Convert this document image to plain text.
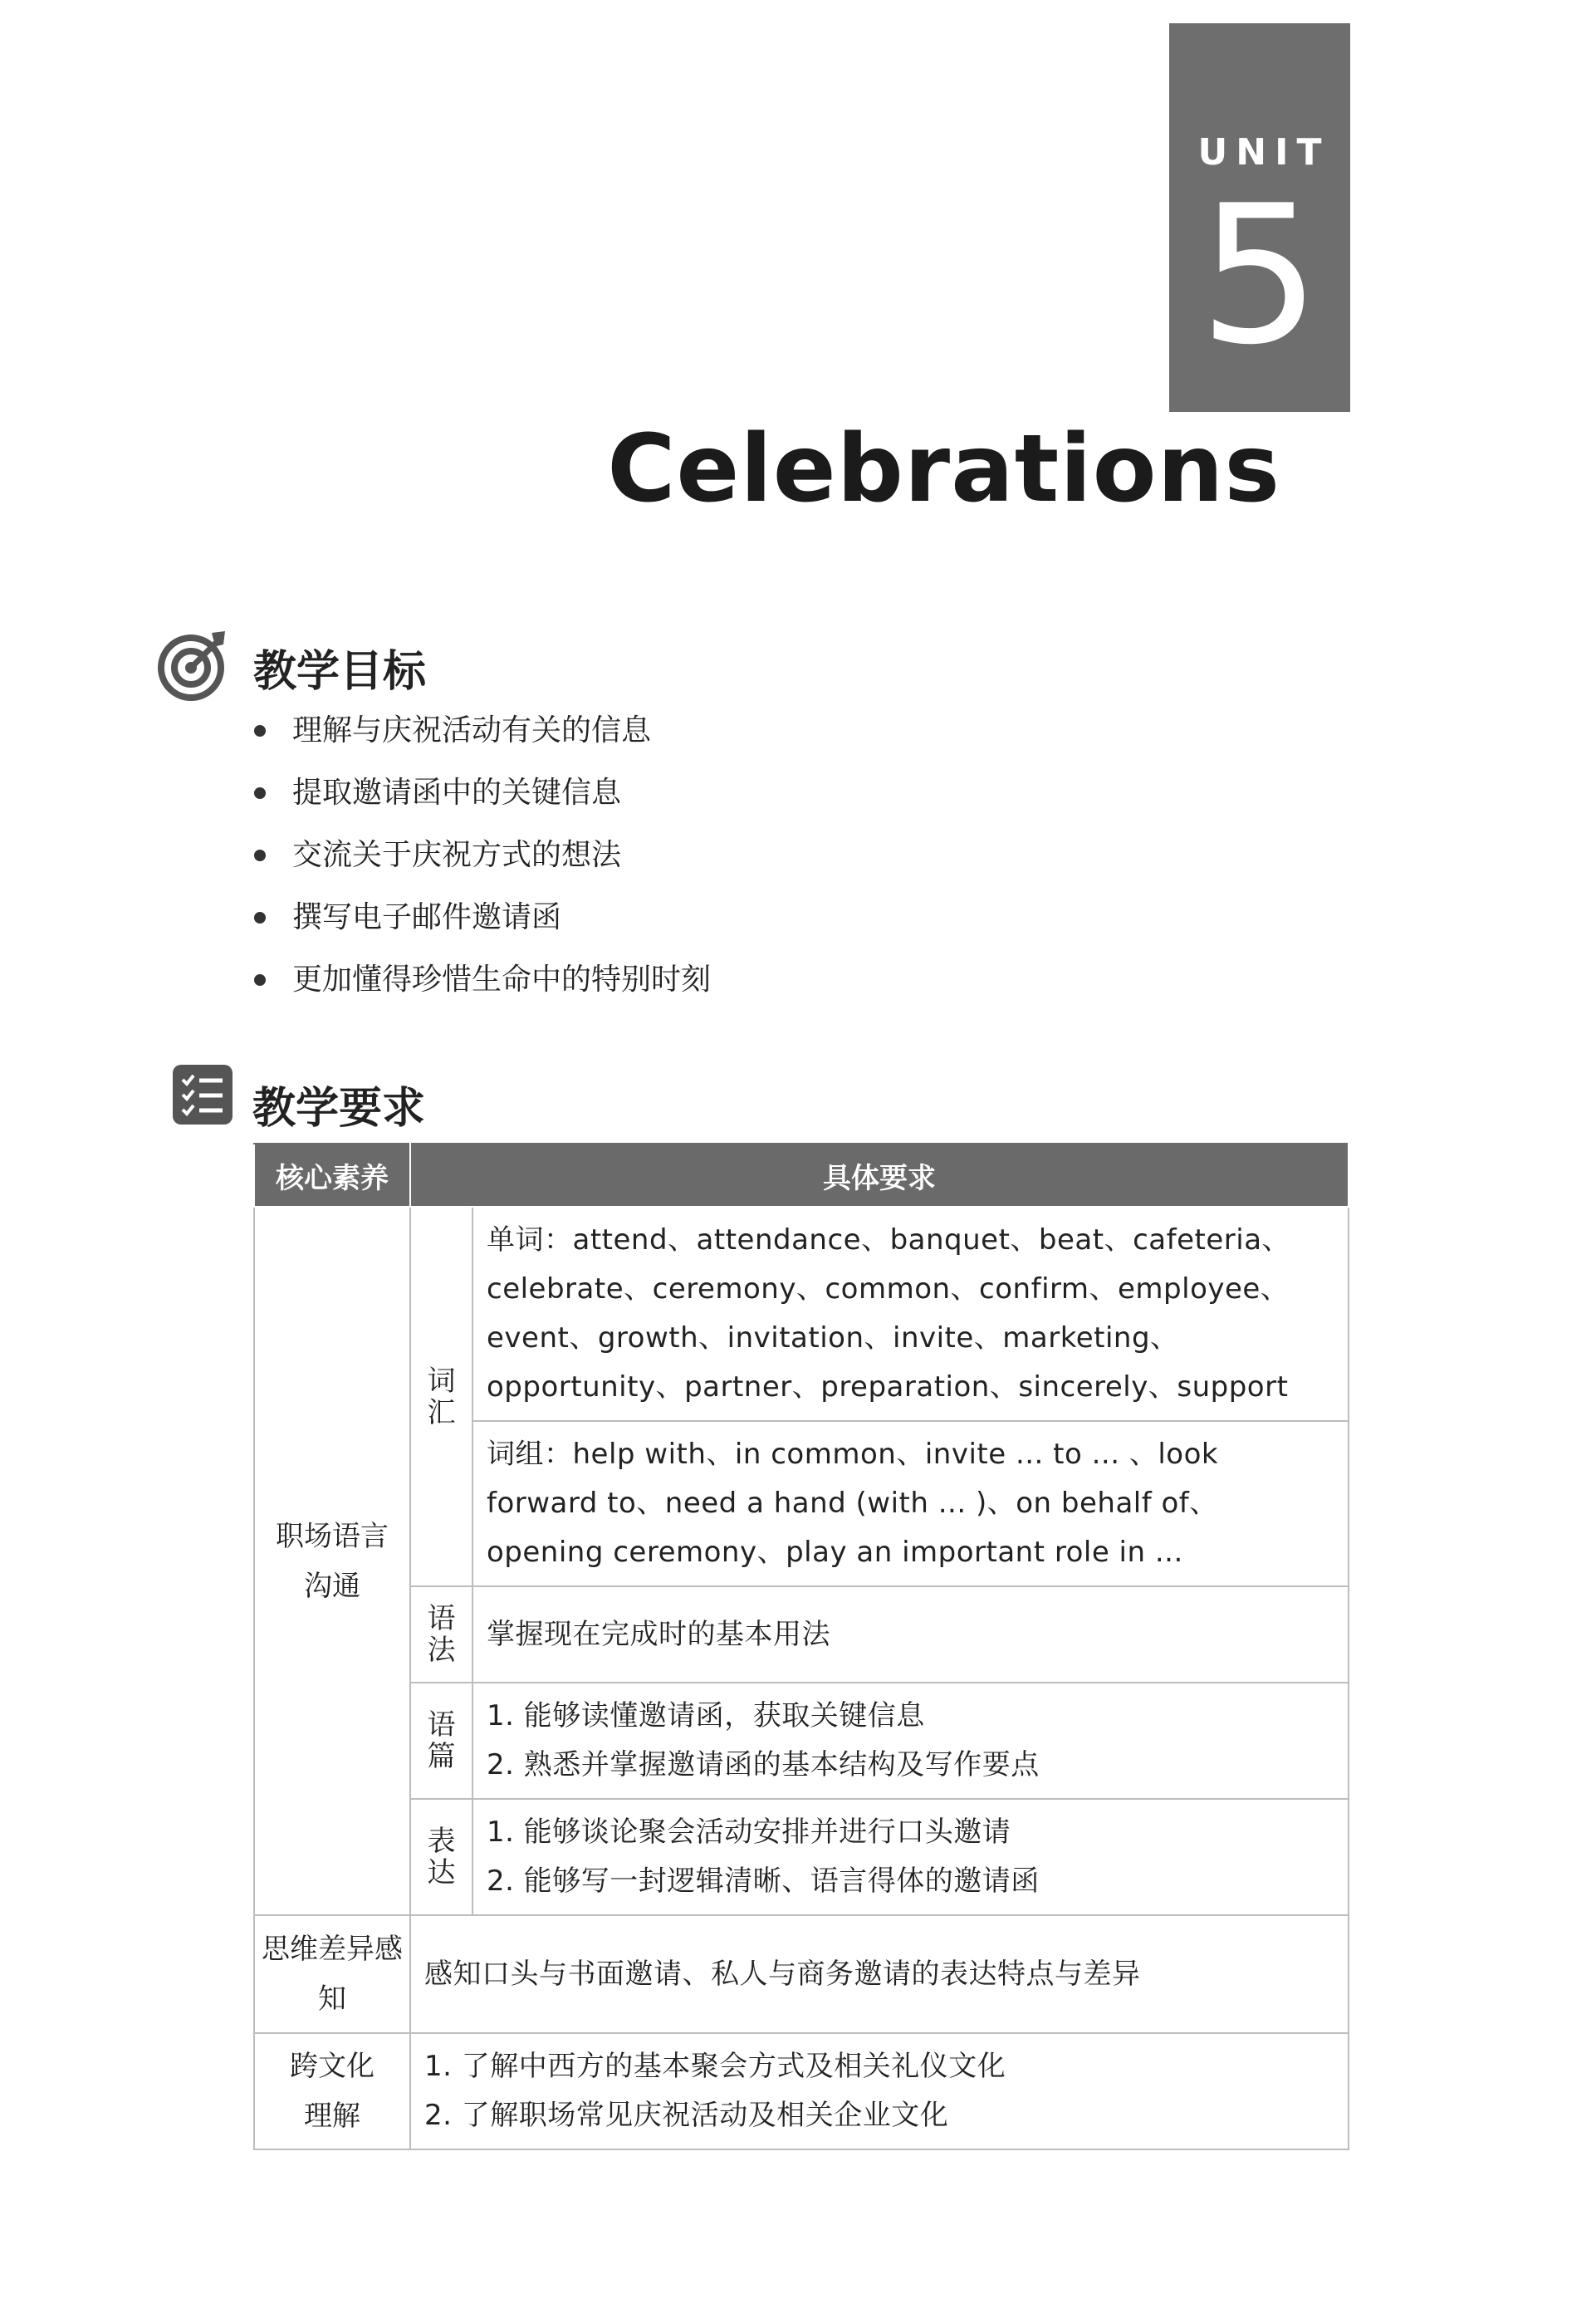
UNIT
5
Celebrations
教学目标
理解与庆祝活动有关的信息
提取邀请函中的关键信息
交流关于庆祝方式的想法
撰写电子邮件邀请函
更加懂得珍惜生命中的特别时刻
教学要求
核心素养	具体要求	

职场语言沟通	词汇	单词：attend、attendance、banquet、beat、cafeteria、celebrate、ceremony、common、confirm、employee、event、growth、invitation、invite、marketing、opportunity、partner、preparation、sincerely、support
		词组：help with、in common、invite ... to ... 、look forward to、need a hand (with ... )、on behalf of、opening ceremony、play an important role in ...

	语法	掌握现在完成时的基本用法

	语篇	1. 能够读懂邀请函，获取关键信息
2. 熟悉并掌握邀请函的基本结构及写作要点

	表达	1. 能够谈论聚会活动安排并进行口头邀请
2. 能够写一封逻辑清晰、语言得体的邀请函

思维差异感知	感知口头与书面邀请、私人与商务邀请的表达特点与差异	

跨文化理解	1. 了解中西方的基本聚会方式及相关礼仪文化
2. 了解职场常见庆祝活动及相关企业文化	
